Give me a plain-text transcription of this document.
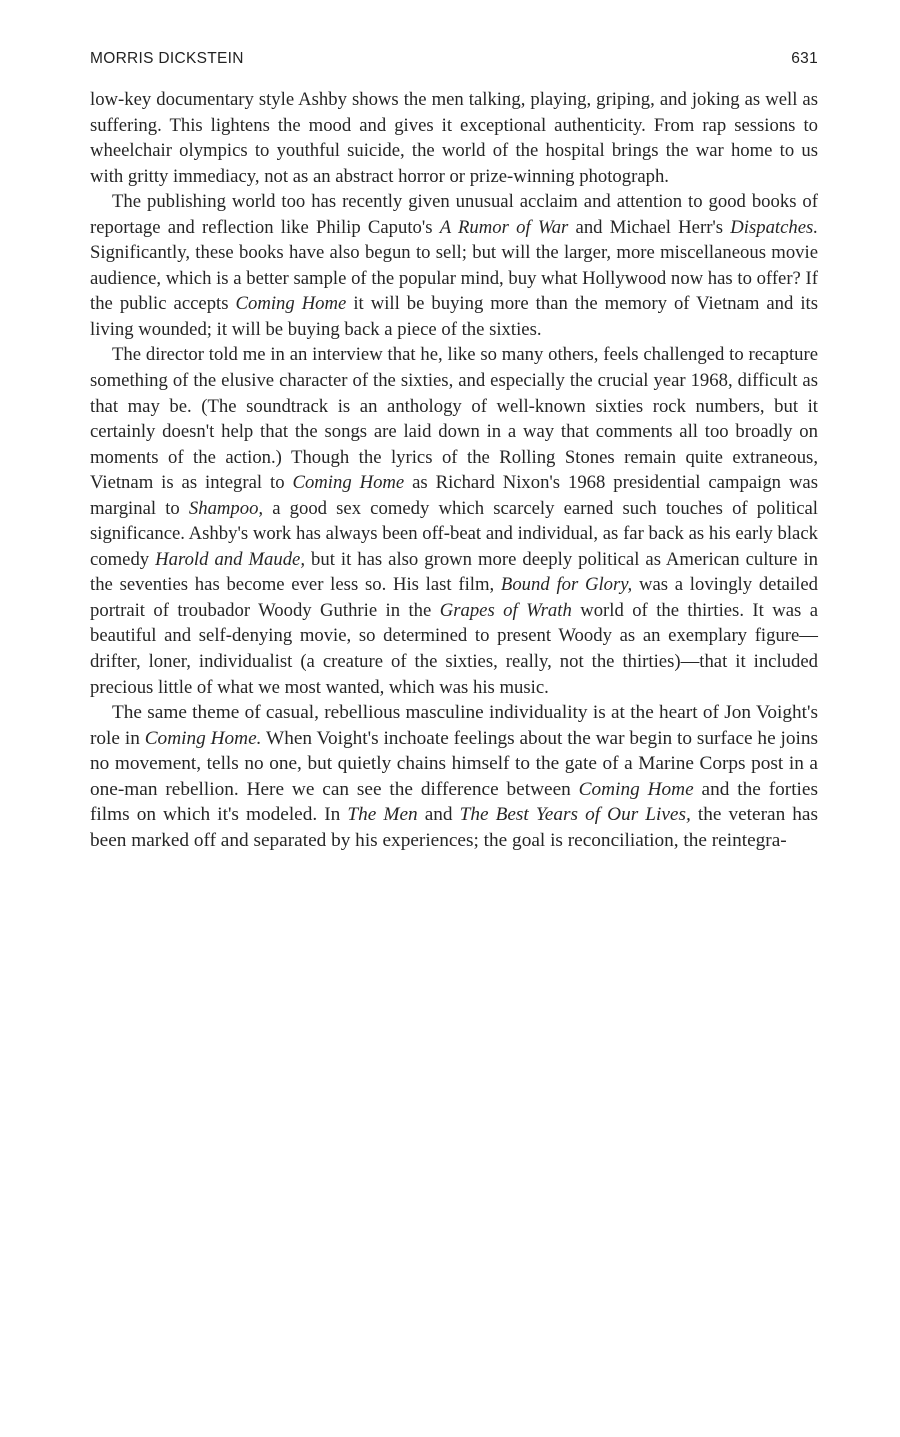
MORRIS DICKSTEIN	631

low-key documentary style Ashby shows the men talking, playing, griping, and joking as well as suffering. This lightens the mood and gives it exceptional authenticity. From rap sessions to wheelchair olympics to youthful suicide, the world of the hospital brings the war home to us with gritty immediacy, not as an abstract horror or prize-winning photograph.

The publishing world too has recently given unusual acclaim and attention to good books of reportage and reflection like Philip Caputo's A Rumor of War and Michael Herr's Dispatches. Significantly, these books have also begun to sell; but will the larger, more miscellaneous movie audience, which is a better sample of the popular mind, buy what Hollywood now has to offer? If the public accepts Coming Home it will be buying more than the memory of Vietnam and its living wounded; it will be buying back a piece of the sixties.

The director told me in an interview that he, like so many others, feels challenged to recapture something of the elusive character of the sixties, and especially the crucial year 1968, difficult as that may be. (The soundtrack is an anthology of well-known sixties rock numbers, but it certainly doesn't help that the songs are laid down in a way that comments all too broadly on moments of the action.) Though the lyrics of the Rolling Stones remain quite extraneous, Vietnam is as integral to Coming Home as Richard Nixon's 1968 presidential campaign was marginal to Shampoo, a good sex comedy which scarcely earned such touches of political significance. Ashby's work has always been off-beat and individual, as far back as his early black comedy Harold and Maude, but it has also grown more deeply political as American culture in the seventies has become ever less so. His last film, Bound for Glory, was a lovingly detailed portrait of troubador Woody Guthrie in the Grapes of Wrath world of the thirties. It was a beautiful and self-denying movie, so determined to present Woody as an exemplary figure—drifter, loner, individualist (a creature of the sixties, really, not the thirties)—that it included precious little of what we most wanted, which was his music.

The same theme of casual, rebellious masculine individuality is at the heart of Jon Voight's role in Coming Home. When Voight's inchoate feelings about the war begin to surface he joins no movement, tells no one, but quietly chains himself to the gate of a Marine Corps post in a one-man rebellion. Here we can see the difference between Coming Home and the forties films on which it's modeled. In The Men and The Best Years of Our Lives, the veteran has been marked off and separated by his experiences; the goal is reconciliation, the reintegra-
